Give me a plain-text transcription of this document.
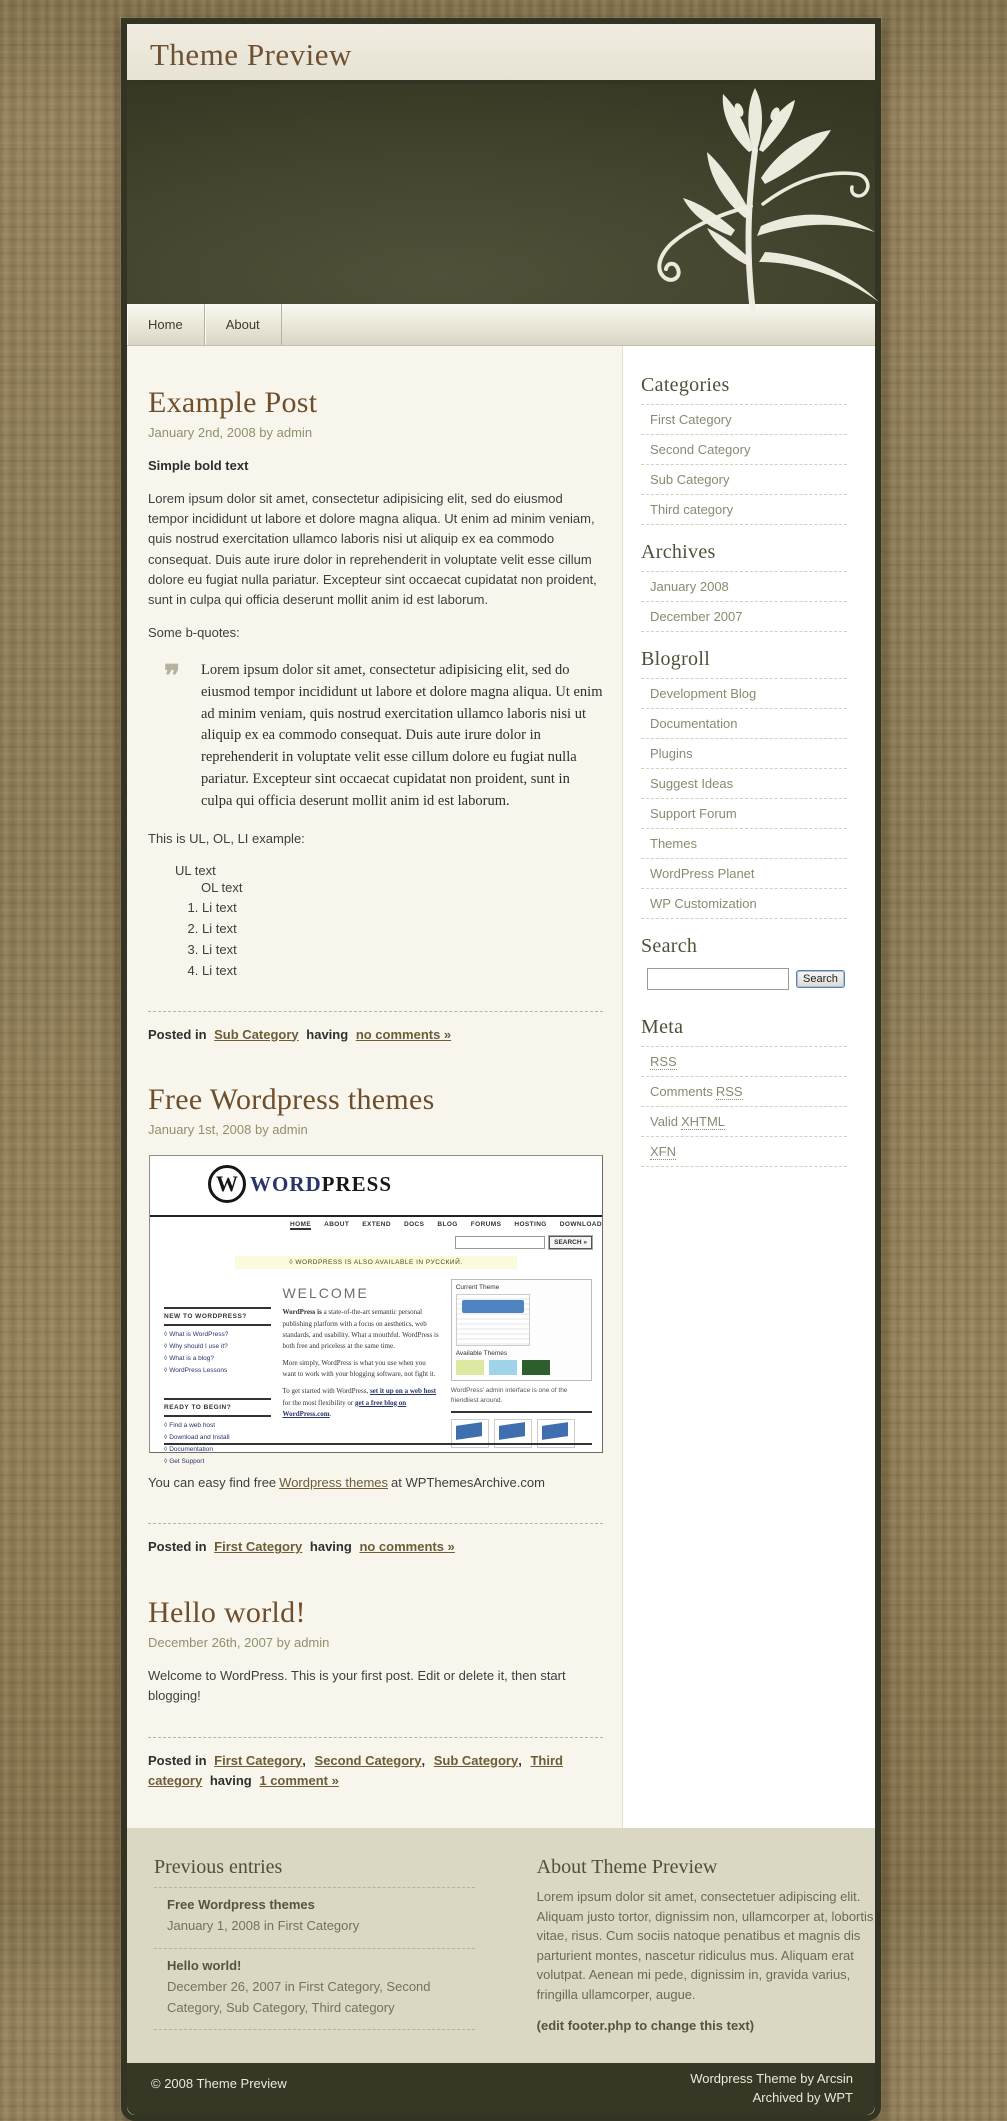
Theme Preview
Home	About
Example Post
January 2nd, 2008 by admin

Simple bold text

Lorem ipsum dolor sit amet, consectetur adipisicing elit, sed do eiusmod tempor incididunt ut labore et dolore magna aliqua. Ut enim ad minim veniam, quis nostrud exercitation ullamco laboris nisi ut aliquip ex ea commodo consequat. Duis aute irure dolor in reprehenderit in voluptate velit esse cillum dolore eu fugiat nulla pariatur. Excepteur sint occaecat cupidatat non proident, sunt in culpa qui officia deserunt mollit anim id est laborum.

Some b-quotes:

❞ Lorem ipsum dolor sit amet, consectetur adipisicing elit, sed do eiusmod tempor incididunt ut labore et dolore magna aliqua. Ut enim ad minim veniam, quis nostrud exercitation ullamco laboris nisi ut aliquip ex ea commodo consequat. Duis aute irure dolor in reprehenderit in voluptate velit esse cillum dolore eu fugiat nulla pariatur. Excepteur sint occaecat cupidatat non proident, sunt in culpa qui officia deserunt mollit anim id est laborum.

This is UL, OL, LI example:

UL text
OL text
1. Li text
2. Li text
3. Li text
4. Li text
Posted in Sub Category having no comments »
Free Wordpress themes
January 1st, 2008 by admin
W WORDPRESS
HOME ABOUT EXTEND DOCS BLOG FORUMS HOSTING DOWNLOAD
SEARCH »
◊ WORDPRESS IS ALSO AVAILABLE IN РУССКИЙ.
NEW TO WORDPRESS?
◊ What is WordPress?
◊ Why should I use it?
◊ What is a blog?
◊ WordPress Lessons
READY TO BEGIN?
◊ Find a web host
◊ Download and Install
◊ Documentation
◊ Get Support
WELCOME

WordPress is a state-of-the-art semantic personal publishing platform with a focus on aesthetics, web standards, and usability. What a mouthful. WordPress is both free and priceless at the same time.

More simply, WordPress is what you use when you want to work with your blogging software, not fight it.

To get started with WordPress, set it up on a web host for the most flexibility or get a free blog on WordPress.com.

Current Theme
Available Themes
WordPress' admin interface is one of the friendliest around.

You can easy find free Wordpress themes at WPThemesArchive.com

Posted in First Category having no comments »
Hello world!
December 26th, 2007 by admin

Welcome to WordPress. This is your first post. Edit or delete it, then start blogging!

Posted in First Category, Second Category, Sub Category, Third category having 1 comment »
Categories
First Category
Second Category
Sub Category
Third category
Archives
January 2008
December 2007
Blogroll
Development Blog
Documentation
Plugins
Suggest Ideas
Support Forum
Themes
WordPress Planet
WP Customization
Search
Search
Meta
RSS
Comments RSS
Valid XHTML
XFN
Previous entries
Free Wordpress themes
January 1, 2008 in First Category
Hello world!
December 26, 2007 in First Category, Second Category, Sub Category, Third category
About Theme Preview

Lorem ipsum dolor sit amet, consectetuer adipiscing elit. Aliquam justo tortor, dignissim non, ullamcorper at, lobortis vitae, risus. Cum sociis natoque penatibus et magnis dis parturient montes, nascetur ridiculus mus. Aliquam erat volutpat. Aenean mi pede, dignissim in, gravida varius, fringilla ullamcorper, augue.

(edit footer.php to change this text)
© 2008 Theme Preview	Wordpress Theme by Arcsin
Archived by WPT
